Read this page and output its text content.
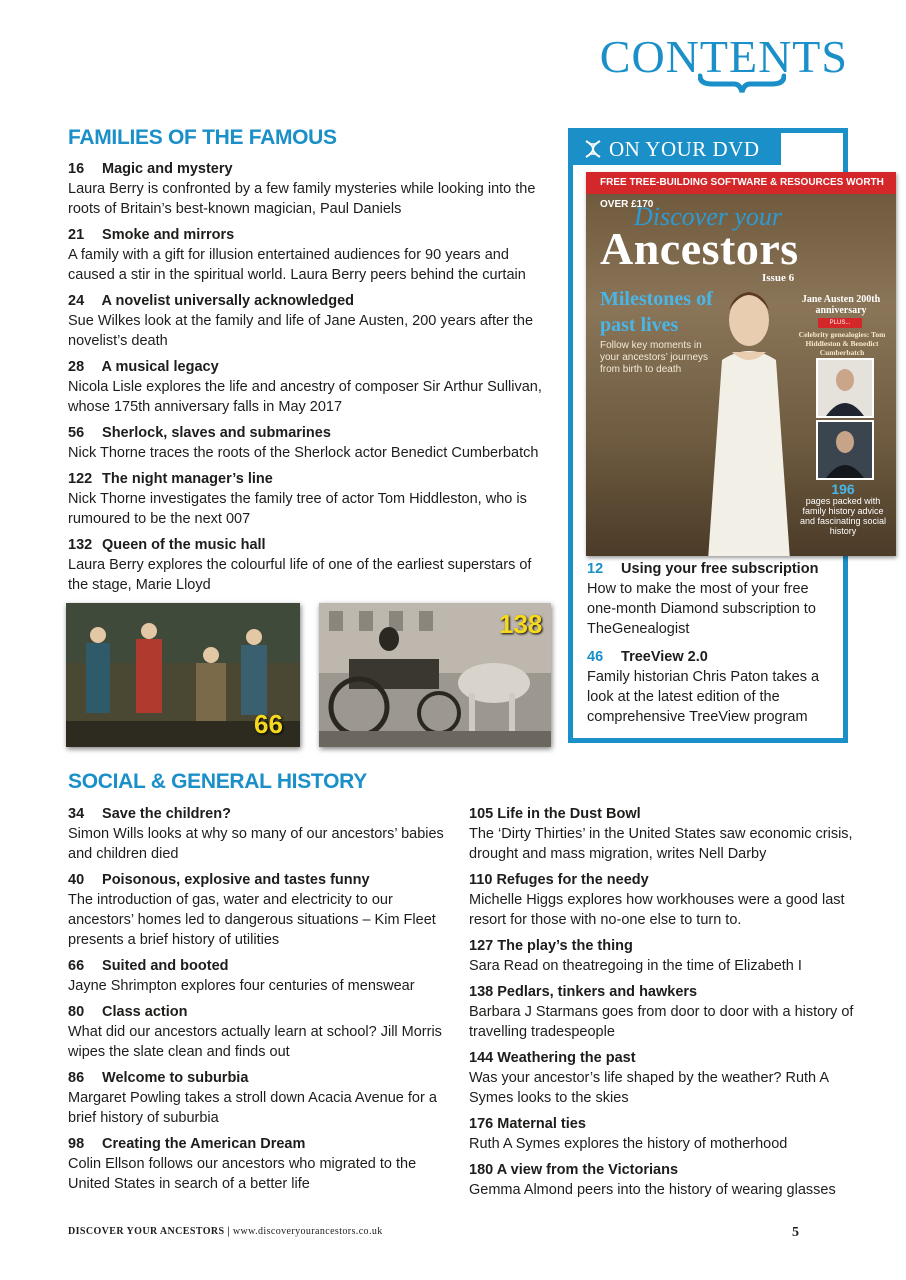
CONTENTS
FAMILIES OF THE FAMOUS
16 Magic and mystery
Laura Berry is confronted by a few family mysteries while looking into the roots of Britain’s best-known magician, Paul Daniels
21 Smoke and mirrors
A family with a gift for illusion entertained audiences for 90 years and caused a stir in the spiritual world. Laura Berry peers behind the curtain
24 A novelist universally acknowledged
Sue Wilkes look at the family and life of Jane Austen, 200 years after the novelist’s death
28 A musical legacy
Nicola Lisle explores the life and ancestry of composer Sir Arthur Sullivan, whose 175th anniversary falls in May 2017
56 Sherlock, slaves and submarines
Nick Thorne traces the roots of the Sherlock actor Benedict Cumberbatch
122 The night manager’s line
Nick Thorne investigates the family tree of actor Tom Hiddleston, who is rumoured to be the next 007
132 Queen of the music hall
Laura Berry explores the colourful life of one of the earliest superstars of the stage, Marie Lloyd
ON YOUR DVD
FREE TREE-BUILDING SOFTWARE & RESOURCES WORTH OVER £170
Discover your
Ancestors
Issue 6
Milestones of past lives
Follow key moments in your ancestors’ journeys from birth to death
Jane Austen 200th anniversary
PLUS...
Celebrity genealogies: Tom Hiddleston & Benedict Cumberbatch
196
pages packed with family history advice and fascinating social history
12 Using your free subscription
How to make the most of your free one-month Diamond subscription to TheGenealogist
46 TreeView 2.0
Family historian Chris Paton takes a look at the latest edition of the comprehensive TreeView program
66
138
SOCIAL & GENERAL HISTORY
34 Save the children?
Simon Wills looks at why so many of our ancestors’ babies and children died
40 Poisonous, explosive and tastes funny
The introduction of gas, water and electricity to our ancestors’ homes led to dangerous situations – Kim Fleet presents a brief history of utilities
66 Suited and booted
Jayne Shrimpton explores four centuries of menswear
80 Class action
What did our ancestors actually learn at school? Jill Morris wipes the slate clean and finds out
86 Welcome to suburbia
Margaret Powling takes a stroll down Acacia Avenue for a brief history of suburbia
98 Creating the American Dream
Colin Ellson follows our ancestors who migrated to the United States in search of a better life
105 Life in the Dust Bowl
The ‘Dirty Thirties’ in the United States saw economic crisis, drought and mass migration, writes Nell Darby
110 Refuges for the needy
Michelle Higgs explores how workhouses were a good last resort for those with no-one else to turn to.
127 The play’s the thing
Sara Read on theatregoing in the time of Elizabeth I
138 Pedlars, tinkers and hawkers
Barbara J Starmans goes from door to door with a history of travelling tradespeople
144 Weathering the past
Was your ancestor’s life shaped by the weather? Ruth A Symes looks to the skies
176 Maternal ties
Ruth A Symes explores the history of motherhood
180 A view from the Victorians
Gemma Almond peers into the history of wearing glasses
DISCOVER YOUR ANCESTORS | www.discoveryourancestors.co.uk	5
